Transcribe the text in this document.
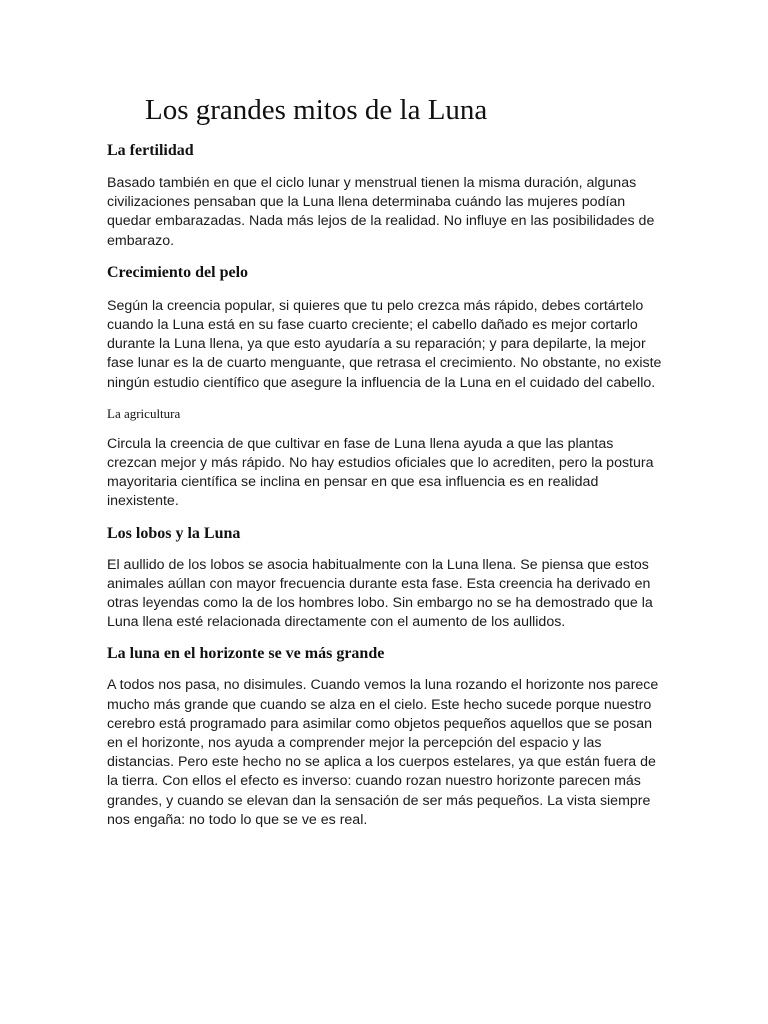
Los grandes mitos de la Luna
La fertilidad

Basado también en que el ciclo lunar y menstrual tienen la misma duración, algunas civilizaciones pensaban que la Luna llena determinaba cuándo las mujeres podían quedar embarazadas. Nada más lejos de la realidad. No influye en las posibilidades de embarazo.

Crecimiento del pelo

Según la creencia popular, si quieres que tu pelo crezca más rápido, debes cortártelo cuando la Luna está en su fase cuarto creciente; el cabello dañado es mejor cortarlo durante la Luna llena, ya que esto ayudaría a su reparación; y para depilarte, la mejor fase lunar es la de cuarto menguante, que retrasa el crecimiento. No obstante, no existe ningún estudio científico que asegure la influencia de la Luna en el cuidado del cabello.

La agricultura

Circula la creencia de que cultivar en fase de Luna llena ayuda a que las plantas crezcan mejor y más rápido. No hay estudios oficiales que lo acrediten, pero la postura mayoritaria científica se inclina en pensar en que esa influencia es en realidad inexistente.

Los lobos y la Luna

El aullido de los lobos se asocia habitualmente con la Luna llena. Se piensa que estos animales aúllan con mayor frecuencia durante esta fase. Esta creencia ha derivado en otras leyendas como la de los hombres lobo. Sin embargo no se ha demostrado que la Luna llena esté relacionada directamente con el aumento de los aullidos.

La luna en el horizonte se ve más grande

A todos nos pasa, no disimules. Cuando vemos la luna rozando el horizonte nos parece mucho más grande que cuando se alza en el cielo. Este hecho sucede porque nuestro cerebro está programado para asimilar como objetos pequeños aquellos que se posan en el horizonte, nos ayuda a comprender mejor la percepción del espacio y las distancias. Pero este hecho no se aplica a los cuerpos estelares, ya que están fuera de la tierra. Con ellos el efecto es inverso: cuando rozan nuestro horizonte parecen más grandes, y cuando se elevan dan la sensación de ser más pequeños. La vista siempre nos engaña: no todo lo que se ve es real.
